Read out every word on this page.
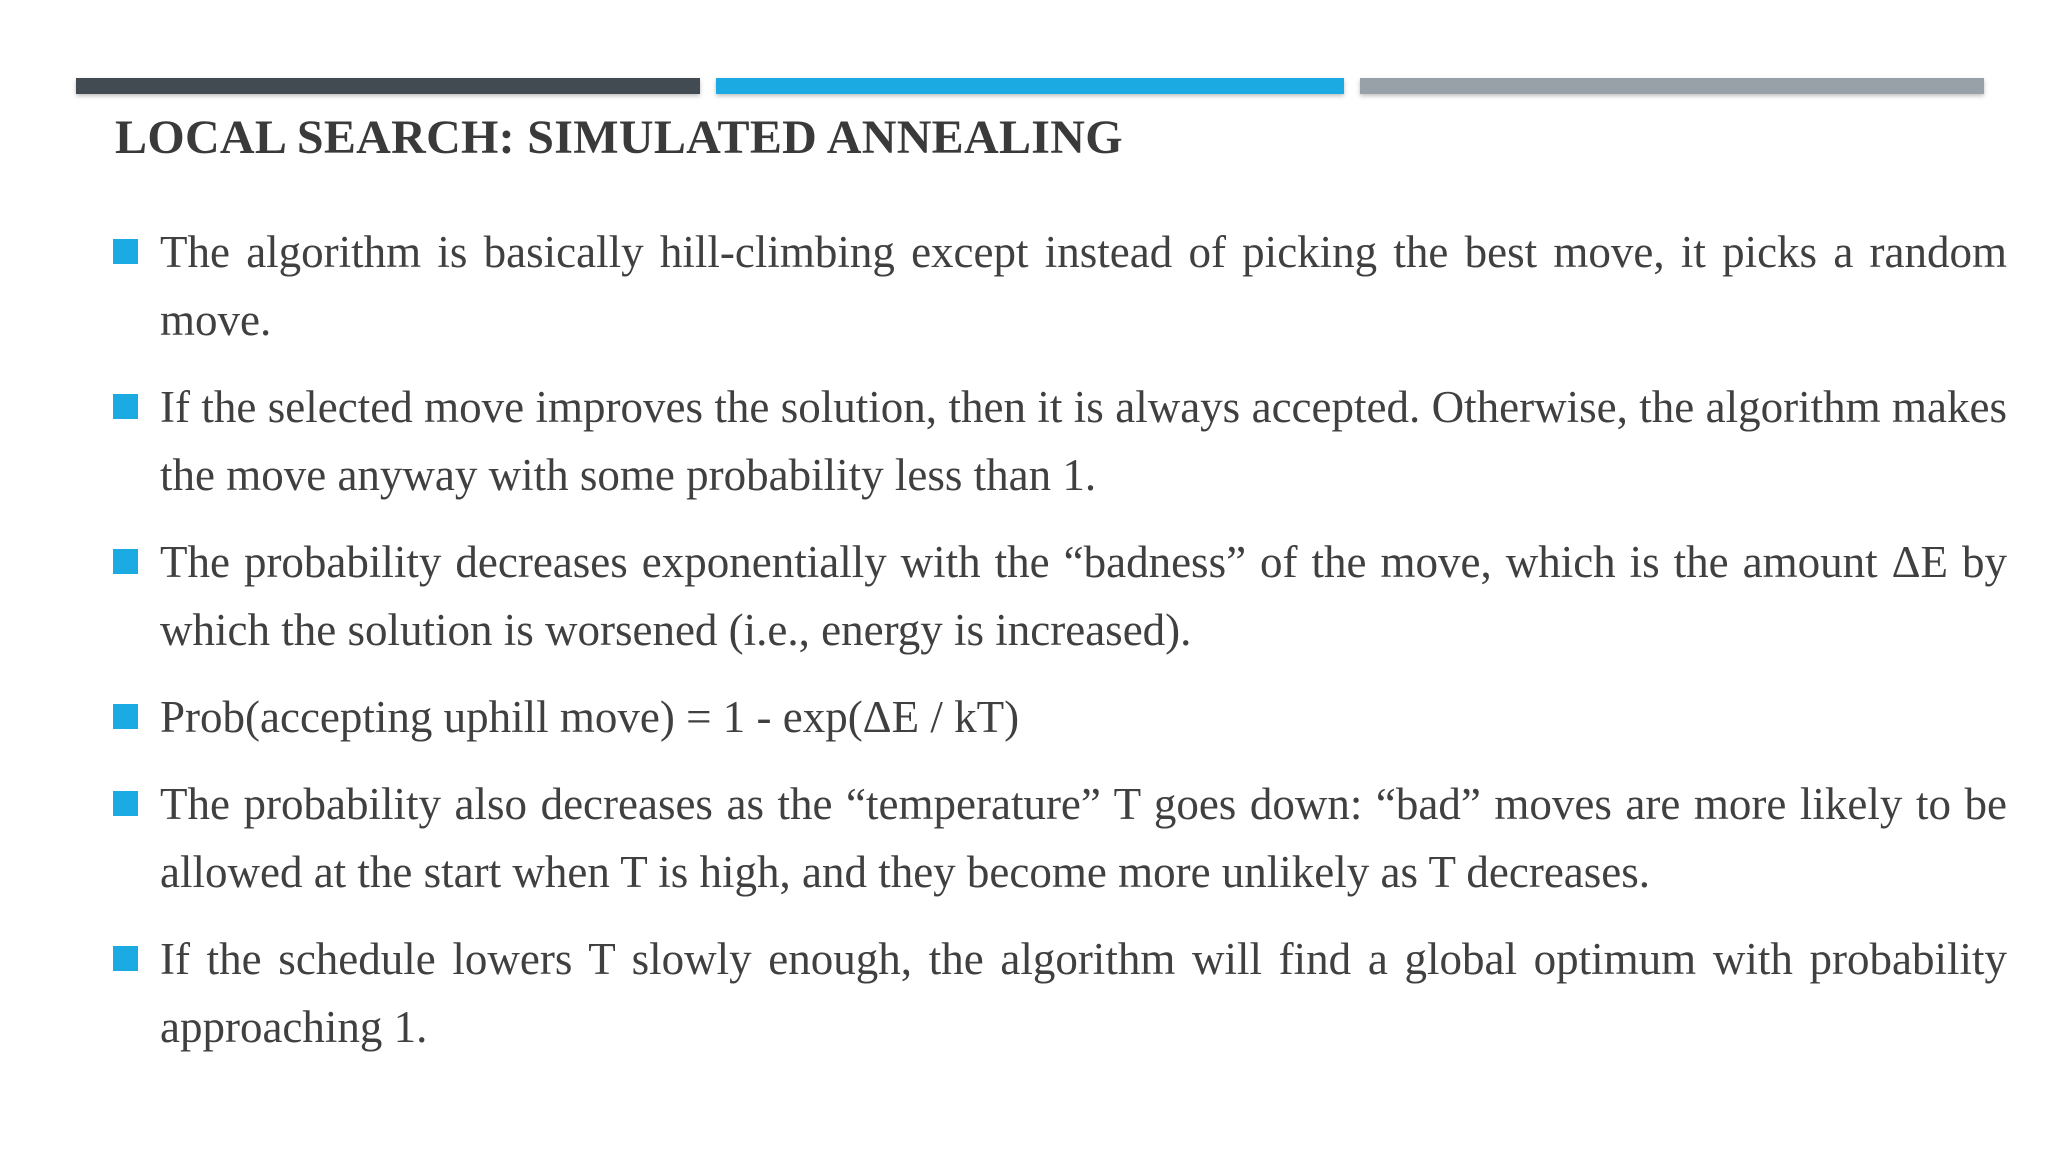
LOCAL SEARCH: SIMULATED ANNEALING
The algorithm is basically hill-climbing except instead of picking the best move, it picks a random move.
If the selected move improves the solution, then it is always accepted. Otherwise, the algorithm makes the move anyway with some probability less than 1.
The probability decreases exponentially with the “badness” of the move, which is the amount ΔE by which the solution is worsened (i.e., energy is increased).
Prob(accepting uphill move) = 1 - exp(ΔE / kT)
The probability also decreases as the “temperature” T goes down: “bad” moves are more likely to be allowed at the start when T is high, and they become more unlikely as T decreases.
If the schedule lowers T slowly enough, the algorithm will find a global optimum with probability approaching 1.
